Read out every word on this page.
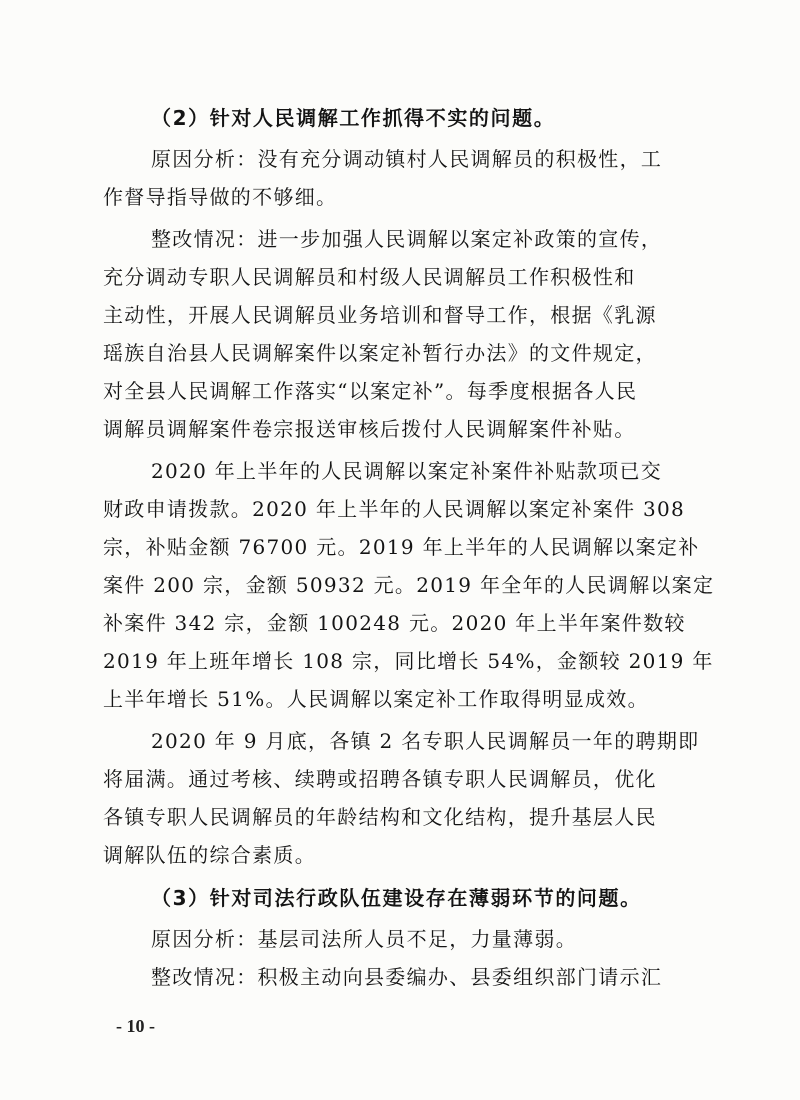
（2）针对人民调解工作抓得不实的问题。

原因分析：没有充分调动镇村人民调解员的积极性，工
作督导指导做的不够细。

整改情况：进一步加强人民调解以案定补政策的宣传，
充分调动专职人民调解员和村级人民调解员工作积极性和
主动性，开展人民调解员业务培训和督导工作，根据《乳源
瑶族自治县人民调解案件以案定补暂行办法》的文件规定，
对全县人民调解工作落实“以案定补”。每季度根据各人民
调解员调解案件卷宗报送审核后拨付人民调解案件补贴。

2020 年上半年的人民调解以案定补案件补贴款项已交
财政申请拨款。2020 年上半年的人民调解以案定补案件 308
宗，补贴金额 76700 元。2019 年上半年的人民调解以案定补
案件 200 宗，金额 50932 元。2019 年全年的人民调解以案定
补案件 342 宗，金额 100248 元。2020 年上半年案件数较
2019 年上班年增长 108 宗，同比增长 54%，金额较 2019 年
上半年增长 51%。人民调解以案定补工作取得明显成效。

2020 年 9 月底，各镇 2 名专职人民调解员一年的聘期即
将届满。通过考核、续聘或招聘各镇专职人民调解员，优化
各镇专职人民调解员的年龄结构和文化结构，提升基层人民
调解队伍的综合素质。

（3）针对司法行政队伍建设存在薄弱环节的问题。

原因分析：基层司法所人员不足，力量薄弱。

整改情况：积极主动向县委编办、县委组织部门请示汇

- 10 -
